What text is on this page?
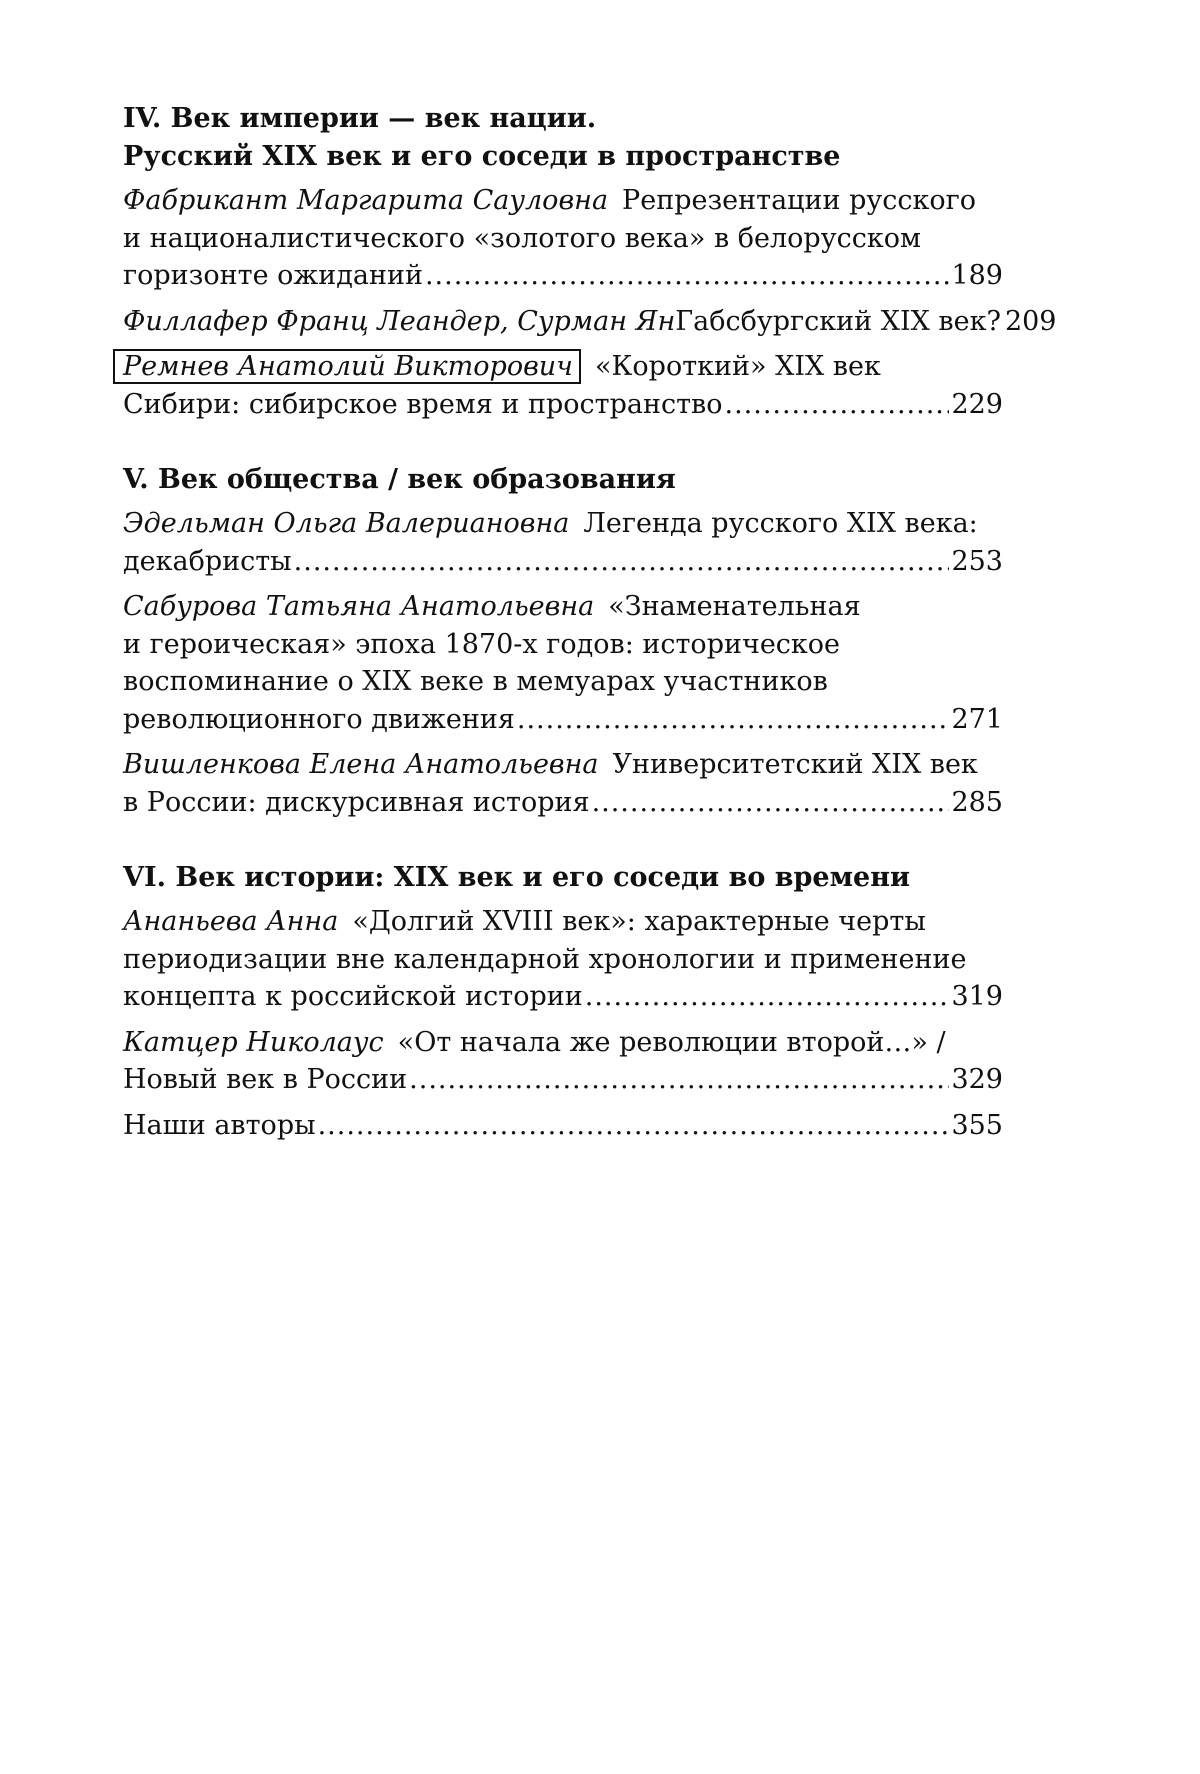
IV. Век империи — век нации.
Русский XIX век и его соседи в пространстве
Фабрикант Маргарита Сауловна Репрезентации русского
и националистического «золотого века» в белорусском
горизонте ожиданий .....	189
Филлафер Франц Леандер, Сурман Ян Габсбургский XIX век? 209
Ремнев Анатолий Викторович «Короткий» XIX век
Сибири: сибирское время и пространство .....	229
V. Век общества / век образования
Эдельман Ольга Валериановна Легенда русского XIX века:
декабристы .....	253
Сабурова Татьяна Анатольевна «Знаменательная
и героическая» эпоха 1870-х годов: историческое
воспоминание о XIX веке в мемуарах участников
революционного движения .....	271
Вишленкова Елена Анатольевна Университетский XIX век
в России: дискурсивная история .....	285
VI. Век истории: XIX век и его соседи во времени
Ананьева Анна «Долгий XVIII век»: характерные черты
периодизации вне календарной хронологии и применение
концепта к российской истории .....	319
Катцер Николаус «От начала же революции второй…» /
Новый век в России .....	329
Наши авторы .....	355
